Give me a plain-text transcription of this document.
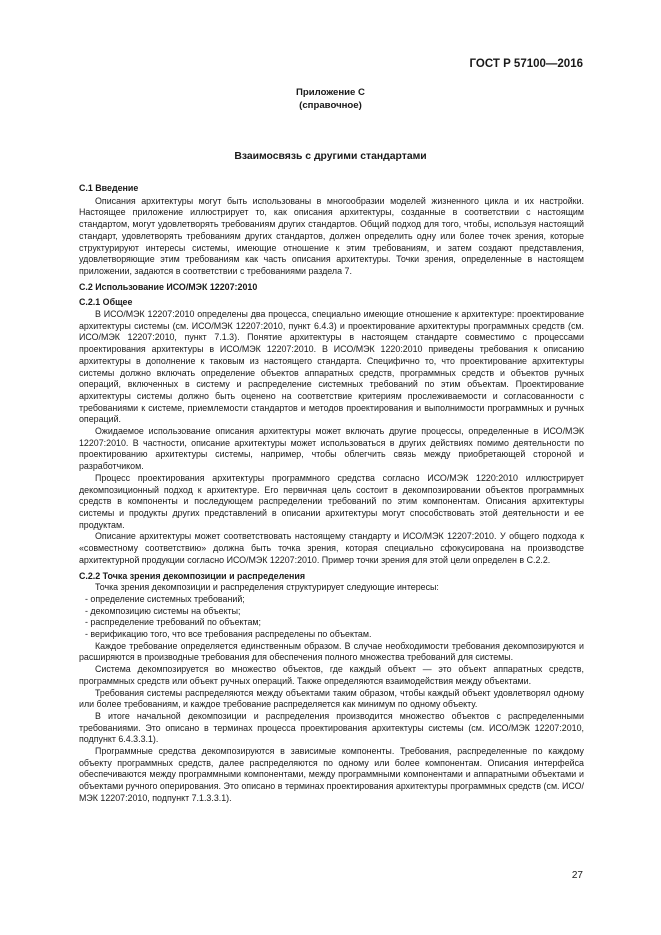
ГОСТ Р 57100—2016
Приложение С
(справочное)
Взаимосвязь с другими стандартами
С.1 Введение

Описания архитектуры могут быть использованы в многообразии моделей жизненного цикла и их настройки. Настоящее приложение иллюстрирует то, как описания архитектуры, созданные в соответствии с настоящим стандартом, могут удовлетворять требованиям других стандартов. Общий подход для того, чтобы, используя настоящий стандарт, удовлетворять требованиям других стандартов, должен определить одну или более точек зрения, которые структурируют интересы системы, имеющие отношение к этим требованиям, и затем создают представления, удовлетворяющие этим требованиям как часть описания архитектуры. Точки зрения, определенные в настоящем приложении, задаются в соответствии с требованиями раздела 7.

С.2 Использование ИСО/МЭК 12207:2010
С.2.1 Общее

В ИСО/МЭК 12207:2010 определены два процесса, специально имеющие отношение к архитектуре: проектирование архитектуры системы (см. ИСО/МЭК 12207:2010, пункт 6.4.3) и проектирование архитектуры программных средств (см. ИСО/МЭК 12207:2010, пункт 7.1.3). Понятие архитектуры в настоящем стандарте совместимо с процессами проектирования архитектуры в ИСО/МЭК 12207:2010. В ИСО/МЭК 1220:2010 приведены требования к описанию архитектуры в дополнение к таковым из настоящего стандарта. Специфично то, что проектирование архитектуры системы должно включать определение объектов аппаратных средств, программных средств и объектов ручных операций, включенных в систему и распределение системных требований по этим объектам. Проектирование архитектуры системы должно быть оценено на соответствие критериям прослеживаемости и согласованности с требованиями к системе, приемлемости стандартов и методов проектирования и выполнимости программных и ручных операций.

Ожидаемое использование описания архитектуры может включать другие процессы, определенные в ИСО/МЭК 12207:2010. В частности, описание архитектуры может использоваться в других действиях помимо деятельности по проектированию архитектуры системы, например, чтобы облегчить связь между приобретающей стороной и разработчиком.

Процесс проектирования архитектуры программного средства согласно ИСО/МЭК 1220:2010 иллюстрирует декомпозиционный подход к архитектуре. Его первичная цель состоит в декомпозировании объектов программных средств в компоненты и последующем распределении требований по этим компонентам. Описания архитектуры системы и продукты других представлений в описании архитектуры могут способствовать этой деятельности и ее продуктам.

Описание архитектуры может соответствовать настоящему стандарту и ИСО/МЭК 12207:2010. У общего подхода к «совместному соответствию» должна быть точка зрения, которая специально сфокусирована на производстве архитектурной продукции согласно ИСО/МЭК 12207:2010. Пример точки зрения для этой цели определен в С.2.2.

С.2.2 Точка зрения декомпозиции и распределения

Точка зрения декомпозиции и распределения структурирует следующие интересы:

- определение системных требований;
- декомпозицию системы на объекты;
- распределение требований по объектам;
- верификацию того, что все требования распределены по объектам.

Каждое требование определяется единственным образом. В случае необходимости требования декомпозируются и расширяются в производные требования для обеспечения полного множества требований для системы.

Система декомпозируется во множество объектов, где каждый объект — это объект аппаратных средств, программных средств или объект ручных операций. Также определяются взаимодействия между объектами.

Требования системы распределяются между объектами таким образом, чтобы каждый объект удовлетворял одному или более требованиям, и каждое требование распределяется как минимум по одному объекту.

В итоге начальной декомпозиции и распределения производится множество объектов с распределенными требованиями. Это описано в терминах процесса проектирования архитектуры системы (см. ИСО/МЭК 12207:2010, подпункт 6.4.3.3.1).

Программные средства декомпозируются в зависимые компоненты. Требования, распределенные по каждому объекту программных средств, далее распределяются по одному или более компонентам. Описания интерфейса обеспечиваются между программными компонентами, между программными компонентами и аппаратными объектами и объектами ручного оперирования. Это описано в терминах проектирования архитектуры программных средств (см. ИСО/МЭК 12207:2010, подпункт 7.1.3.3.1).

27
